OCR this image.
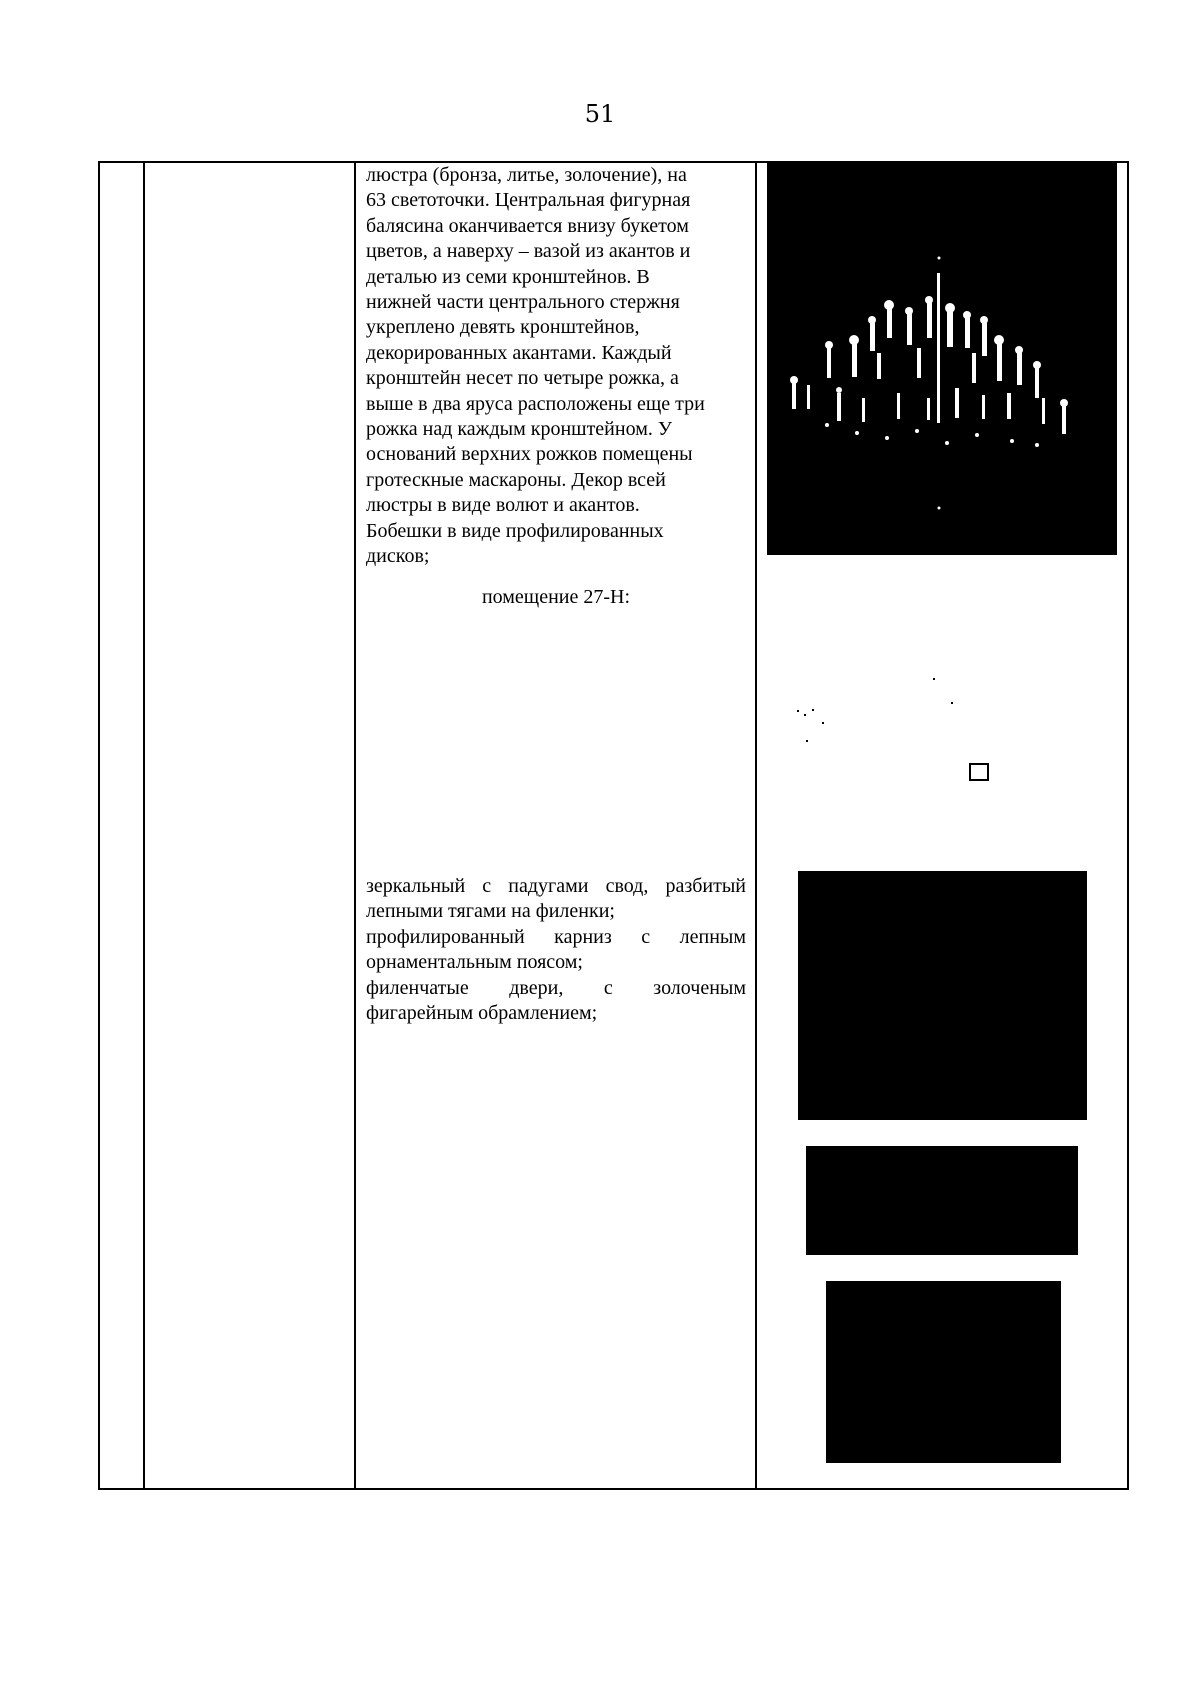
51
люстра (бронза, литье, золочение), на
63 светоточки. Центральная фигурная
балясина оканчивается внизу букетом
цветов, а наверху – вазой из акантов и
деталью из семи кронштейнов. В
нижней части центрального стержня
укреплено девять кронштейнов,
декорированных акантами. Каждый
кронштейн несет по четыре рожка, а
выше в два яруса расположены еще три
рожка над каждым кронштейном. У
оснований верхних рожков помещены
гротескные маскароны. Декор всей
люстры в виде волют и акантов.
Бобешки в виде профилированных
дисков;
помещение 27-Н:

зеркальный с падугами свод, разбитый

лепными тягами на филенки;

профилированный карниз с лепным

орнаментальным поясом;

филенчатые двери, с золоченым

фигарейным обрамлением;
